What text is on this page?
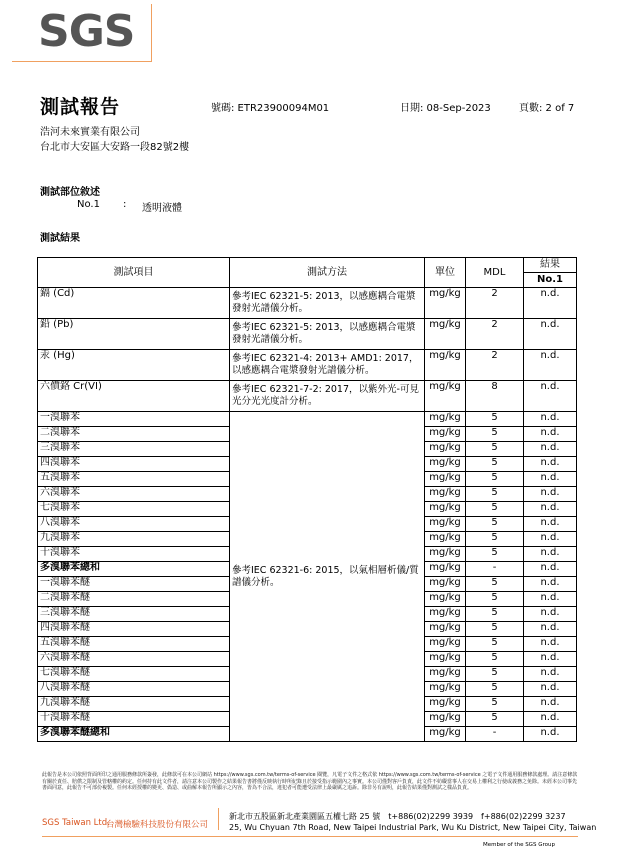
SGS
測試報告	號碼: ETR23900094M01	日期: 08-Sep-2023	頁數: 2 of 7
浩河未來實業有限公司
台北市大安區大安路一段82號2樓
測試部位敘述
No.1 : 透明液體
測試結果
測試項目	測試方法	單位	MDL	結果
				No.1
鎘 (Cd)	參考IEC 62321-5: 2013，以感應耦合電漿發射光譜儀分析。	mg/kg	2	n.d.
鉛 (Pb)	參考IEC 62321-5: 2013，以感應耦合電漿發射光譜儀分析。	mg/kg	2	n.d.
汞 (Hg)	參考IEC 62321-4: 2013+ AMD1: 2017，以感應耦合電漿發射光譜儀分析。	mg/kg	2	n.d.
六價鉻 Cr(VI)	參考IEC 62321-7-2: 2017，以紫外光-可見光分光光度計分析。	mg/kg	8	n.d.
一溴聯苯	參考IEC 62321-6: 2015，以氣相層析儀/質譜儀分析。	mg/kg	5	n.d.
二溴聯苯		mg/kg	5	n.d.
三溴聯苯		mg/kg	5	n.d.
四溴聯苯		mg/kg	5	n.d.
五溴聯苯		mg/kg	5	n.d.
六溴聯苯		mg/kg	5	n.d.
七溴聯苯		mg/kg	5	n.d.
八溴聯苯		mg/kg	5	n.d.
九溴聯苯		mg/kg	5	n.d.
十溴聯苯		mg/kg	5	n.d.
多溴聯苯總和		mg/kg	-	n.d.
一溴聯苯醚		mg/kg	5	n.d.
二溴聯苯醚		mg/kg	5	n.d.
三溴聯苯醚		mg/kg	5	n.d.
四溴聯苯醚		mg/kg	5	n.d.
五溴聯苯醚		mg/kg	5	n.d.
六溴聯苯醚		mg/kg	5	n.d.
七溴聯苯醚		mg/kg	5	n.d.
八溴聯苯醚		mg/kg	5	n.d.
九溴聯苯醚		mg/kg	5	n.d.
十溴聯苯醚		mg/kg	5	n.d.
多溴聯苯醚總和		mg/kg	-	n.d.
此報告是本公司依照背面所印之通用服務條款所簽發，此條款可在本公司網站 https://www.sgs.com.tw/terms-of-service 閱覽，凡電子文件之格式依 https://www.sgs.com.tw/terms-of-service 之電子文件通用服務條款處理。請注意條款有關於責任、賠償之限制及管轄權的約定。任何持有此文件者，請注意本公司製作之結果報告書將僅反映執行時所紀錄且於接受指示範圍內之事實。本公司僅對客戶負責，此文件不妨礙當事人在交易上權利之行使或義務之免除。未經本公司事先書面同意，此報告不可部份複製。任何未經授權的變更、偽造、或曲解本報告所顯示之內容，皆為不合法，違犯者可能遭受法律上最嚴厲之追訴。除非另有說明，此報告結果僅對測試之樣品負責。
SGS Taiwan Ltd.
台灣檢驗科技股份有限公司
新北市五股區新北產業園區五權七路 25 號　t+886(02)2299 3939　f+886(02)2299 3237
25, Wu Chyuan 7th Road, New Taipei Industrial Park, Wu Ku District, New Taipei City, Taiwan
Member of the SGS Group
